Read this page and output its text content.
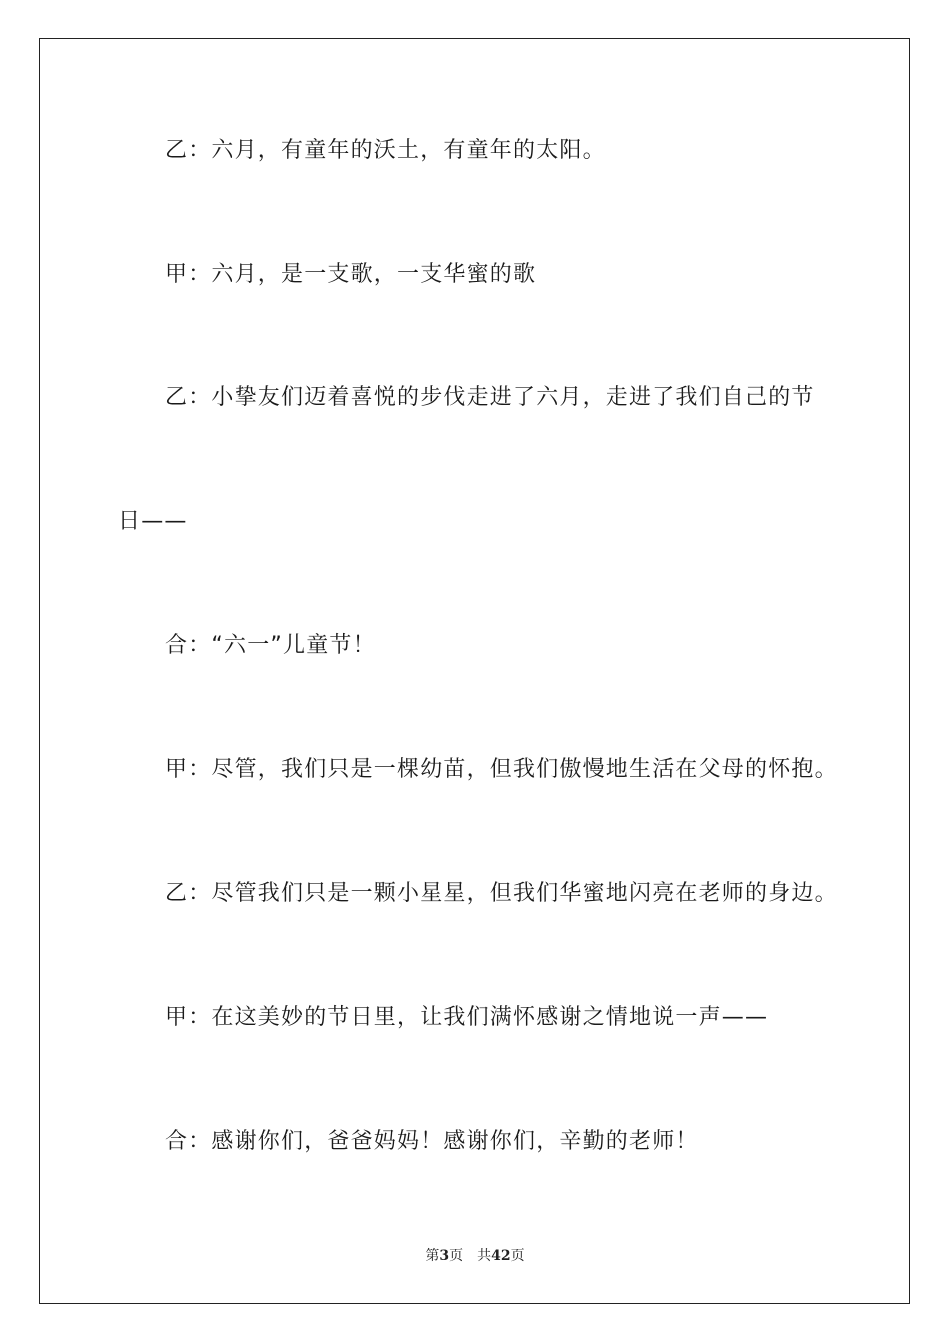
乙：六月，有童年的沃土，有童年的太阳。
甲：六月，是一支歌，一支华蜜的歌
乙：小挚友们迈着喜悦的步伐走进了六月，走进了我们自己的节
日——
合：“六一”儿童节！
甲：尽管，我们只是一棵幼苗，但我们傲慢地生活在父母的怀抱。
乙：尽管我们只是一颗小星星，但我们华蜜地闪亮在老师的身边。
甲：在这美妙的节日里，让我们满怀感谢之情地说一声——
合：感谢你们，爸爸妈妈！感谢你们，辛勤的老师！
第3页 共42页
